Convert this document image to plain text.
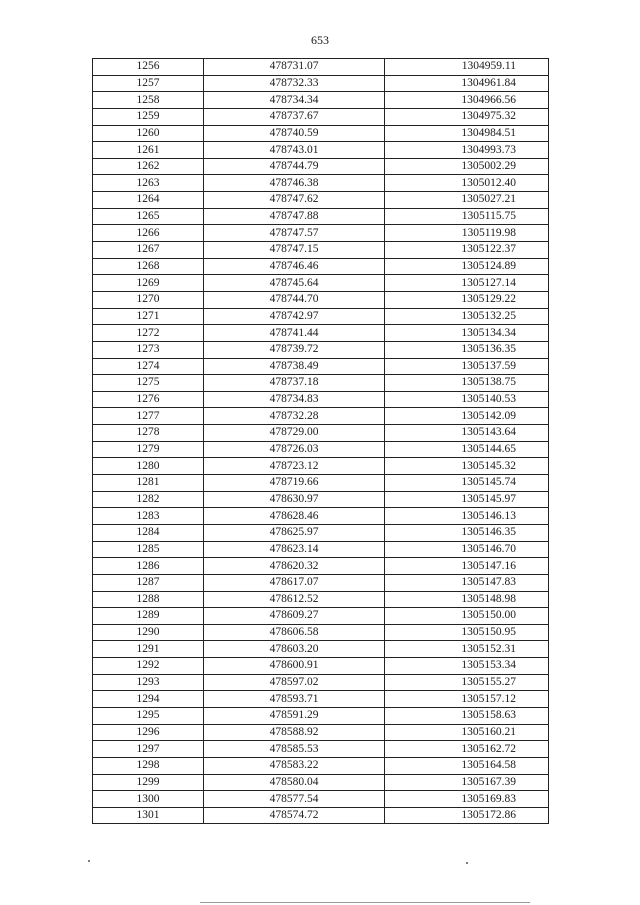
653
1256	478731.07	1304959.11
1257	478732.33	1304961.84
1258	478734.34	1304966.56
1259	478737.67	1304975.32
1260	478740.59	1304984.51
1261	478743.01	1304993.73
1262	478744.79	1305002.29
1263	478746.38	1305012.40
1264	478747.62	1305027.21
1265	478747.88	1305115.75
1266	478747.57	1305119.98
1267	478747.15	1305122.37
1268	478746.46	1305124.89
1269	478745.64	1305127.14
1270	478744.70	1305129.22
1271	478742.97	1305132.25
1272	478741.44	1305134.34
1273	478739.72	1305136.35
1274	478738.49	1305137.59
1275	478737.18	1305138.75
1276	478734.83	1305140.53
1277	478732.28	1305142.09
1278	478729.00	1305143.64
1279	478726.03	1305144.65
1280	478723.12	1305145.32
1281	478719.66	1305145.74
1282	478630.97	1305145.97
1283	478628.46	1305146.13
1284	478625.97	1305146.35
1285	478623.14	1305146.70
1286	478620.32	1305147.16
1287	478617.07	1305147.83
1288	478612.52	1305148.98
1289	478609.27	1305150.00
1290	478606.58	1305150.95
1291	478603.20	1305152.31
1292	478600.91	1305153.34
1293	478597.02	1305155.27
1294	478593.71	1305157.12
1295	478591.29	1305158.63
1296	478588.92	1305160.21
1297	478585.53	1305162.72
1298	478583.22	1305164.58
1299	478580.04	1305167.39
1300	478577.54	1305169.83
1301	478574.72	1305172.86
